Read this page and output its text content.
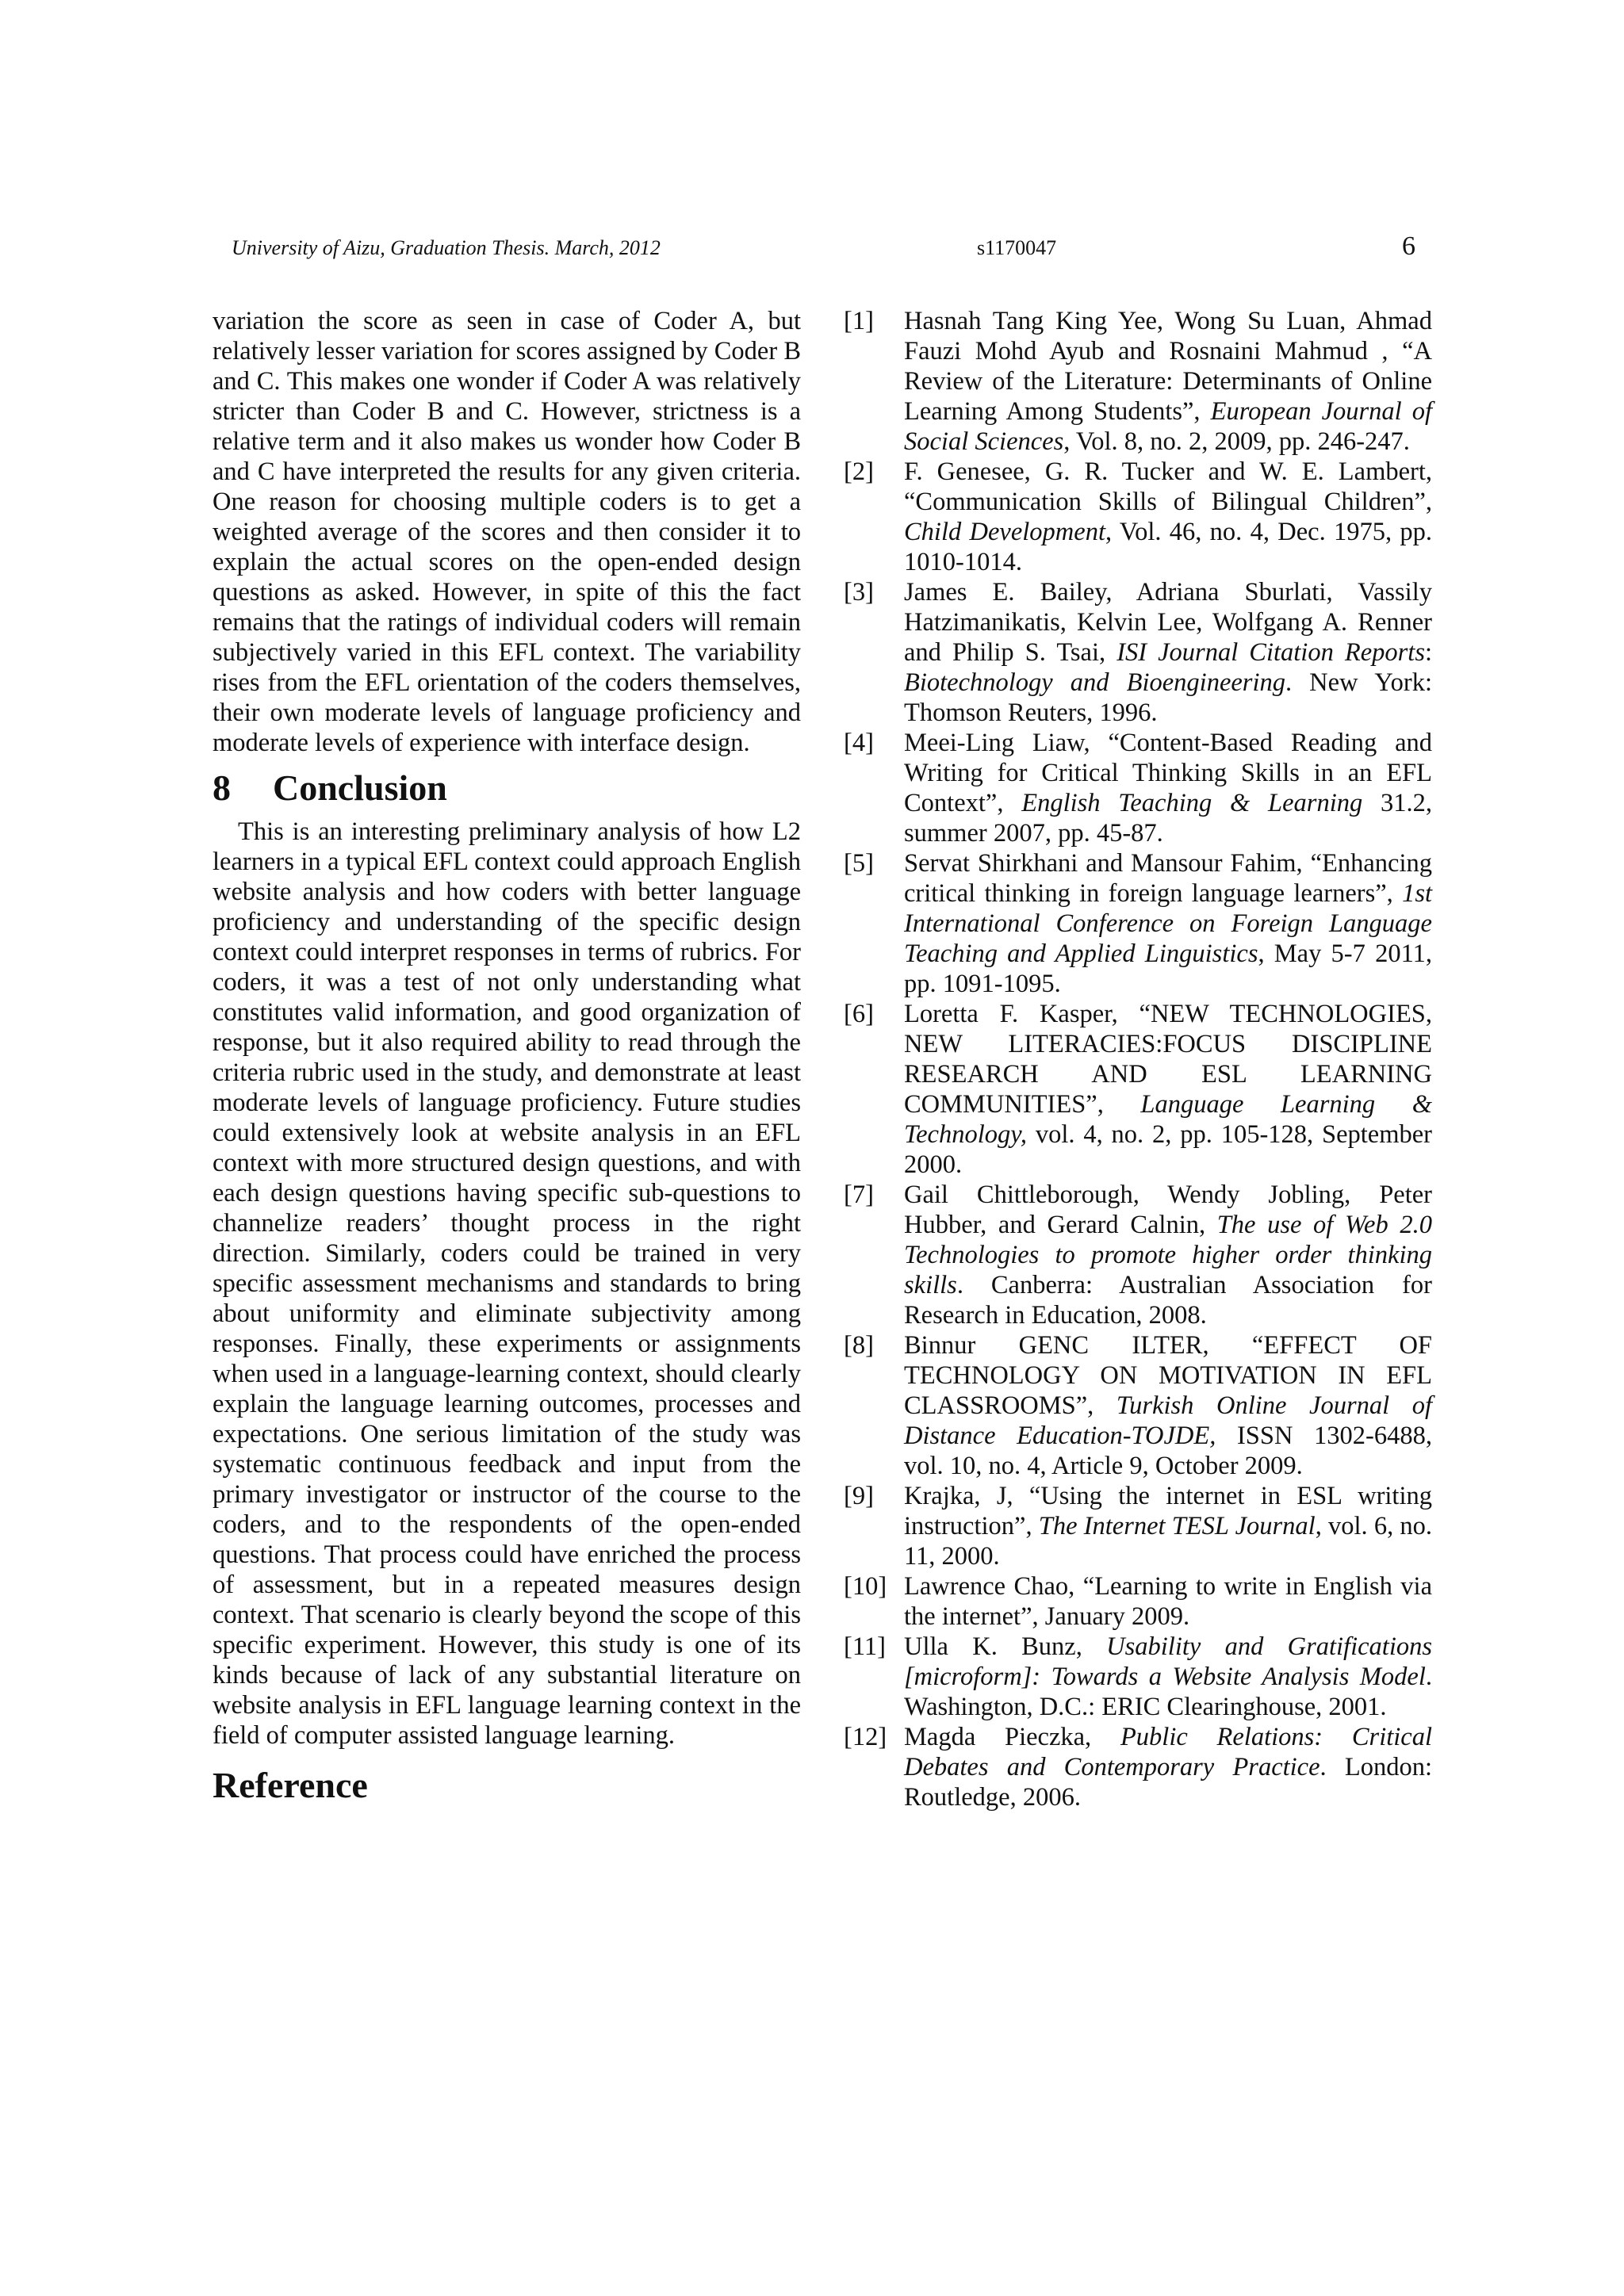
University of Aizu, Graduation Thesis. March, 2012	s1170047	6

variation the score as seen in case of Coder A, but relatively lesser variation for scores assigned by Coder B and C. This makes one wonder if Coder A was relatively stricter than Coder B and C. However, strictness is a relative term and it also makes us wonder how Coder B and C have interpreted the results for any given criteria. One reason for choosing multiple coders is to get a weighted average of the scores and then consider it to explain the actual scores on the open-ended design questions as asked. However, in spite of this the fact remains that the ratings of individual coders will remain subjectively varied in this EFL context. The variability rises from the EFL orientation of the coders themselves, their own moderate levels of language proficiency and moderate levels of experience with interface design.

8 Conclusion

This is an interesting preliminary analysis of how L2 learners in a typical EFL context could approach English website analysis and how coders with better language proficiency and understanding of the specific design context could interpret responses in terms of rubrics. For coders, it was a test of not only understanding what constitutes valid information, and good organization of response, but it also required ability to read through the criteria rubric used in the study, and demonstrate at least moderate levels of language proficiency. Future studies could extensively look at website analysis in an EFL context with more structured design questions, and with each design questions having specific sub-questions to channelize readers’ thought process in the right direction. Similarly, coders could be trained in very specific assessment mechanisms and standards to bring about uniformity and eliminate subjectivity among responses. Finally, these experiments or assignments when used in a language-learning context, should clearly explain the language learning outcomes, processes and expectations. One serious limitation of the study was systematic continuous feedback and input from the primary investigator or instructor of the course to the coders, and to the respondents of the open-ended questions. That process could have enriched the process of assessment, but in a repeated measures design context. That scenario is clearly beyond the scope of this specific experiment. However, this study is one of its kinds because of lack of any substantial literature on website analysis in EFL language learning context in the field of computer assisted language learning.

Reference
[1]	Hasnah Tang King Yee, Wong Su Luan, Ahmad Fauzi Mohd Ayub and Rosnaini Mahmud , “A Review of the Literature: Determinants of Online Learning Among Students”, European Journal of Social Sciences, Vol. 8, no. 2, 2009, pp. 246-247.
[2]	F. Genesee, G. R. Tucker and W. E. Lambert, “Communication Skills of Bilingual Children”, Child Development, Vol. 46, no. 4, Dec. 1975, pp. 1010-1014.
[3]	James E. Bailey, Adriana Sburlati, Vassily Hatzimanikatis, Kelvin Lee, Wolfgang A. Renner and Philip S. Tsai, ISI Journal Citation Reports: Biotechnology and Bioengineering. New York: Thomson Reuters, 1996.
[4]	Meei-Ling Liaw, “Content-Based Reading and Writing for Critical Thinking Skills in an EFL Context”, English Teaching & Learning 31.2, summer 2007, pp. 45-87.
[5]	Servat Shirkhani and Mansour Fahim, “Enhancing critical thinking in foreign language learners”, 1st International Conference on Foreign Language Teaching and Applied Linguistics, May 5-7 2011, pp. 1091-1095.
[6]	Loretta F. Kasper, “NEW TECHNOLOGIES, NEW LITERACIES:FOCUS DISCIPLINE RESEARCH AND ESL LEARNING COMMUNITIES”, Language Learning & Technology, vol. 4, no. 2, pp. 105-128, September 2000.
[7]	Gail Chittleborough, Wendy Jobling, Peter Hubber, and Gerard Calnin, The use of Web 2.0 Technologies to promote higher order thinking skills. Canberra: Australian Association for Research in Education, 2008.
[8]	Binnur GENC ILTER, “EFFECT OF TECHNOLOGY ON MOTIVATION IN EFL CLASSROOMS”, Turkish Online Journal of Distance Education-TOJDE, ISSN 1302-6488, vol. 10, no. 4, Article 9, October 2009.
[9]	Krajka, J, “Using the internet in ESL writing instruction”, The Internet TESL Journal, vol. 6, no. 11, 2000.
[10] Lawrence Chao, “Learning to write in English via the internet”, January 2009.
[11] Ulla K. Bunz, Usability and Gratifications [microform]: Towards a Website Analysis Model. Washington, D.C.: ERIC Clearinghouse, 2001.
[12] Magda Pieczka, Public Relations: Critical Debates and Contemporary Practice. London: Routledge, 2006.
